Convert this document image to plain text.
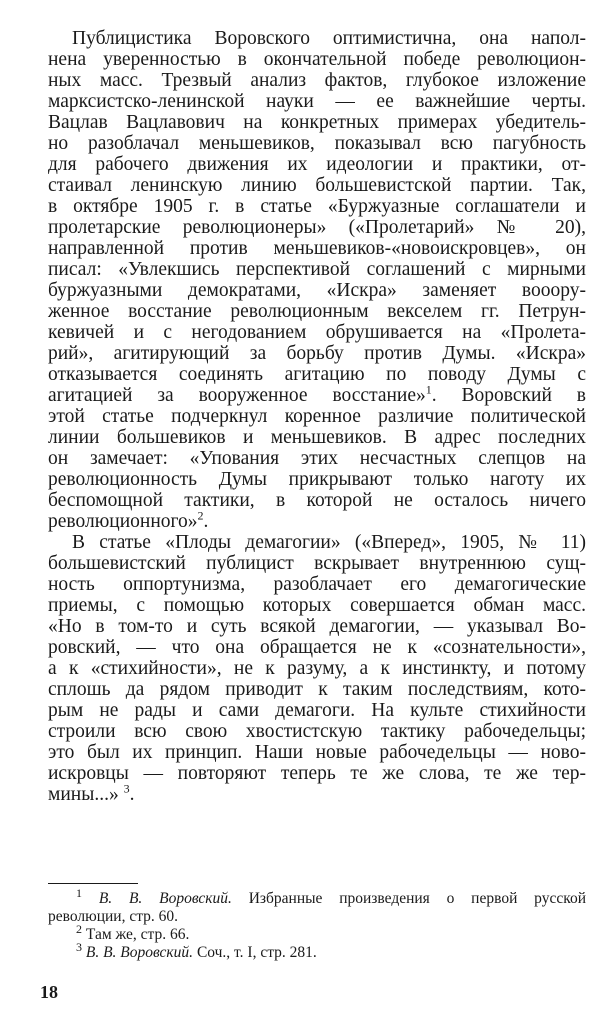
Публицистика Воровского оптимистична, она напол-
нена уверенностью в окончательной победе революцион-
ных масс. Трезвый анализ фактов, глубокое изложение
марксистско-ленинской науки — ее важнейшие черты.
Вацлав Вацлавович на конкретных примерах убедитель-
но разоблачал меньшевиков, показывал всю пагубность
для рабочего движения их идеологии и практики, от-
стаивал ленинскую линию большевистской партии. Так,
в октябре 1905 г. в статье «Буржуазные соглашатели и
пролетарские революционеры» («Пролетарий» № 20),
направленной против меньшевиков-«новоискровцев», он
писал: «Увлекшись перспективой соглашений с мирными
буржуазными демократами, «Искра» заменяет вооору-
женное восстание революционным векселем гг. Петрун-
кевичей и с негодованием обрушивается на «Пролета-
рий», агитирующий за борьбу против Думы. «Искра»
отказывается соединять агитацию по поводу Думы с
агитацией за вооруженное восстание»$^1$. Воровский в
этой статье подчеркнул коренное различие политической
линии большевиков и меньшевиков. В адрес последних
он замечает: «Упования этих несчастных слепцов на
революционность Думы прикрывают только наготу их
беспомощной тактики, в которой не осталось ничего
революционного»$^2$.
В статье «Плоды демагогии» («Вперед», 1905, № 11)
большевистский публицист вскрывает внутреннюю сущ-
ность оппортунизма, разоблачает его демагогические
приемы, с помощью которых совершается обман масс.
«Но в том-то и суть всякой демагогии, — указывал Во-
ровский, — что она обращается не к «сознательности»,
а к «стихийности», не к разуму, а к инстинкту, и потому
сплошь да рядом приводит к таким последствиям, кото-
рым не рады и сами демагоги. На культе стихийности
строили всю свою хвостистскую тактику рабочедельцы;
это был их принцип. Наши новые рабочедельцы — ново-
искровцы — повторяют теперь те же слова, те же тер-
мины...» $^3$.
$^1$ В. В. Воровский. Избранные произведения о первой русской
революции, стр. 60.
$^2$ Там же, стр. 66.
$^3$ В. В. Воровский. Соч., т. I, стр. 281.
18
